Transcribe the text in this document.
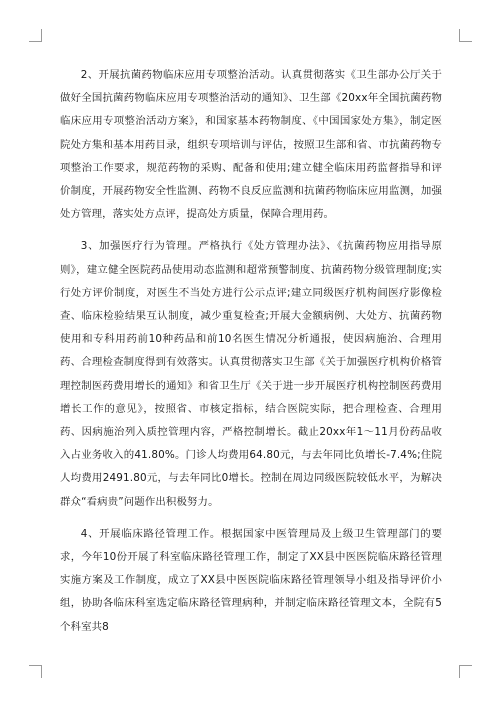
2、开展抗菌药物临床应用专项整治活动。认真贯彻落实《卫生部办公厅关于做好全国抗菌药物临床应用专项整治活动的通知》、卫生部《20xx年全国抗菌药物临床应用专项整治活动方案》，和国家基本药物制度、《中国国家处方集》，制定医院处方集和基本用药目录，组织专项培训与评估，按照卫生部和省、市抗菌药物专项整治工作要求，规范药物的采购、配备和使用;建立健全临床用药监督指导和评价制度，开展药物安全性监测、药物不良反应监测和抗菌药物临床应用监测，加强处方管理，落实处方点评，提高处方质量，保障合理用药。

3、加强医疗行为管理。严格执行《处方管理办法》、《抗菌药物应用指导原则》，建立健全医院药品使用动态监测和超常预警制度、抗菌药物分级管理制度;实行处方评价制度，对医生不当处方进行公示点评;建立同级医疗机构间医疗影像检查、临床检验结果互认制度，减少重复检查;开展大金额病例、大处方、抗菌药物使用和专科用药前10种药品和前10名医生情况分析通报，使因病施治、合理用药、合理检查制度得到有效落实。认真贯彻落实卫生部《关于加强医疗机构价格管理控制医药费用增长的通知》和省卫生厅《关于进一步开展医疗机构控制医药费用增长工作的意见》，按照省、市核定指标，结合医院实际，把合理检查、合理用药、因病施治列入质控管理内容，严格控制增长。截止20xx年1～11月份药品收入占业务收入的41.80%。门诊人均费用64.80元，与去年同比负增长-7.4%;住院人均费用2491.80元，与去年同比0增长。控制在周边同级医院较低水平，为解决群众“看病贵”问题作出积极努力。

4、开展临床路径管理工作。根据国家中医管理局及上级卫生管理部门的要求，今年10份开展了科室临床路径管理工作，制定了XX县中医医院临床路径管理实施方案及工作制度，成立了XX县中医医院临床路径管理领导小组及指导评价小组，协助各临床科室选定临床路径管理病种，并制定临床路径管理文本，全院有5个科室共8
